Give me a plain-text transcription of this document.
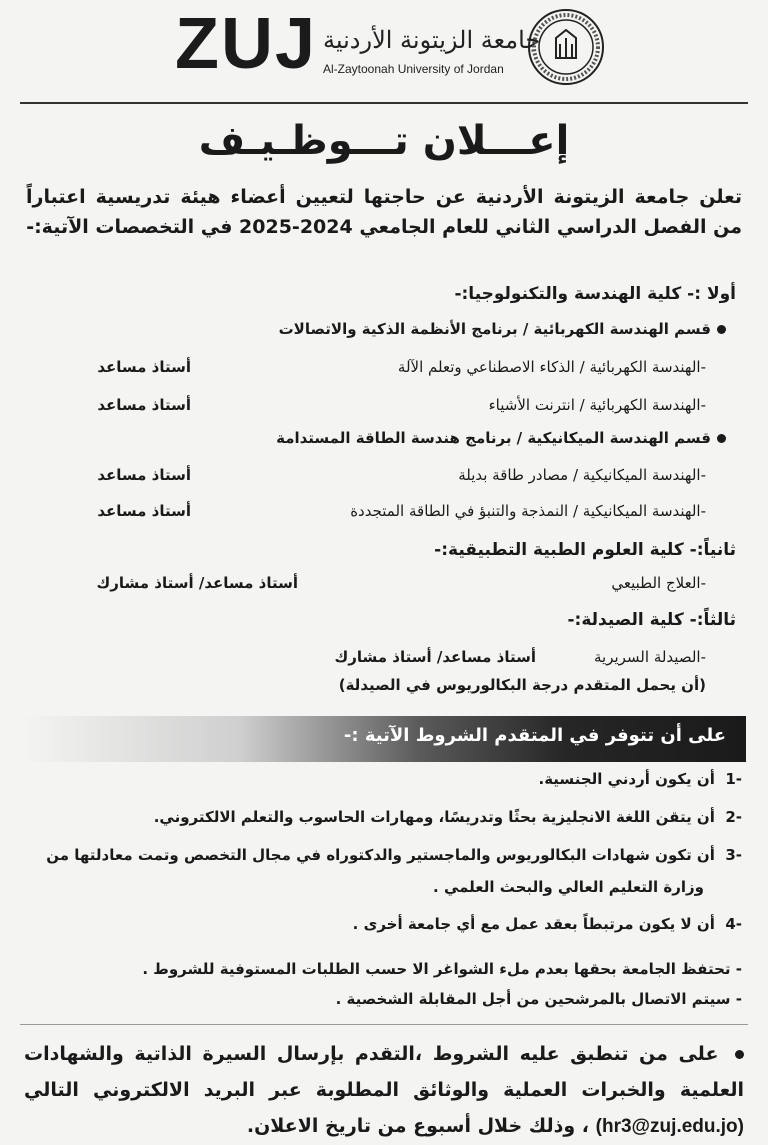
ZUJ جامعة الزيتونة الأردنية
Al-Zaytoonah University of Jordan
إعـــلان تـــوظـيـف
تعلن جامعة الزيتونة الأردنية عن حاجتها لتعيين أعضاء هيئة تدريسية اعتباراً من الفصل الدراسي الثاني للعام الجامعي 2024-2025 في التخصصات الآتية:-
أولا :- كلية الهندسة والتكنولوجيا:-
قسم الهندسة الكهربائية / برنامج الأنظمة الذكية والاتصالات
-الهندسة الكهربائية / الذكاء الاصطناعي وتعلم الآلة
أستاذ مساعد
-الهندسة الكهربائية / انترنت الأشياء
أستاذ مساعد
قسم الهندسة الميكانيكية / برنامج هندسة الطاقة المستدامة
-الهندسة الميكانيكية / مصادر طاقة بديلة
أستاذ مساعد
-الهندسة الميكانيكية / النمذجة والتنبؤ في الطاقة المتجددة
أستاذ مساعد
ثانياً:- كلية العلوم الطبية التطبيقية:-
-العلاج الطبيعي
أستاذ مساعد/ أستاذ مشارك
ثالثاً:- كلية الصيدلة:-
-الصيدلة السريرية
أستاذ مساعد/ أستاذ مشارك
(أن يحمل المتقدم درجة البكالوريوس في الصيدلة)
على أن تتوفر في المتقدم الشروط الآتية :-
-1  أن يكون أردني الجنسية.
-2  أن يتقن اللغة الانجليزية بحثًا وتدريسًا، ومهارات الحاسوب والتعلم الالكتروني.
-3  أن تكون شهادات البكالوريوس والماجستير والدكتوراه في مجال التخصص وتمت معادلتها من
وزارة التعليم العالي والبحث العلمي .
-4  أن لا يكون مرتبطاً بعقد عمل مع أي جامعة أخرى .
- تحتفظ الجامعة بحقها بعدم ملء الشواغر الا حسب الطلبات المستوفية للشروط .
- سيتم الاتصال بالمرشحين من أجل المقابلة الشخصية .
على من تنطبق عليه الشروط ،التقدم بإرسال السيرة الذاتية والشهادات العلمية والخبرات العملية والوثائق المطلوبة عبر البريد الالكتروني التالي (hr3@zuj.edu.jo) ، وذلك خلال أسبوع من تاريخ الاعلان.
